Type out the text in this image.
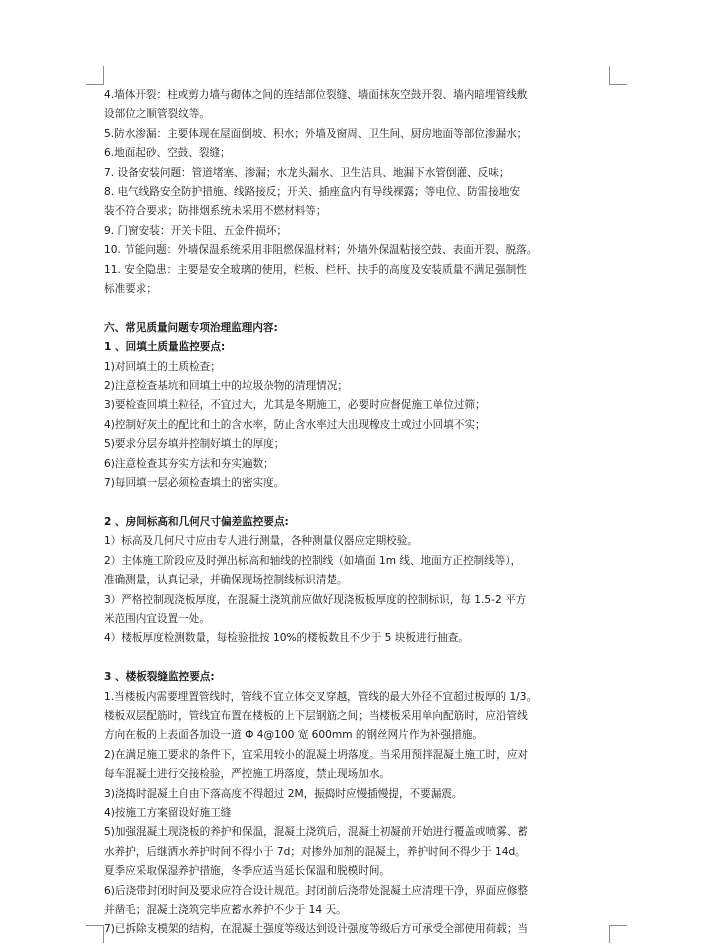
4.墙体开裂：柱或剪力墙与砌体之间的连结部位裂缝、墙面抹灰空鼓开裂、墙内暗埋管线敷
设部位之顺管裂纹等。
5.防水渗漏：主要体现在屋面倒坡、积水；外墙及窗周、卫生间、厨房地面等部位渗漏水；
6.地面起砂、空鼓、裂缝；
7. 设备安装问题：管道堵塞、渗漏；水龙头漏水、卫生洁具、地漏下水管倒灌、反味；
8. 电气线路安全防护措施、线路接反；开关、插座盒内有导线裸露；等电位、防雷接地安
装不符合要求；防排烟系统未采用不燃材料等；
9. 门窗安装：开关卡阻、五金件损坏；
10. 节能问题：外墙保温系统采用非阻燃保温材料；外墙外保温粘接空鼓、表面开裂、脱落。
11. 安全隐患：主要是安全玻璃的使用，栏板、栏杆、扶手的高度及安装质量不满足强制性
标准要求；
六、常见质量问题专项治理监理内容:
1 、回填土质量监控要点:
1)对回填土的土质检查；
2)注意检查基坑和回填土中的垃圾杂物的清理情况；
3)要检查回填土粒径，不宜过大，尤其是冬期施工，必要时应督促施工单位过筛；
4)控制好灰土的配比和土的含水率，防止含水率过大出现橡皮土或过小回填不实；
5)要求分层夯填并控制好填土的厚度；
6)注意检查其夯实方法和夯实遍数；
7)每回填一层必须检查填土的密实度。
2 、房间标高和几何尺寸偏差监控要点:
1）标高及几何尺寸应由专人进行测量，各种测量仪器应定期校验。
2）主体施工阶段应及时弹出标高和轴线的控制线（如墙面 1m 线、地面方正控制线等），
准确测量，认真记录，并确保现场控制线标识清楚。
3）严格控制现浇板厚度，在混凝土浇筑前应做好现浇板板厚度的控制标识，每 1.5-2 平方
米范围内宜设置一处。
4）楼板厚度检测数量，每检验批按 10%的楼板数且不少于 5 块板进行抽查。
3 、楼板裂缝监控要点:
1.当楼板内需要埋置管线时，管线不宜立体交叉穿越，管线的最大外径不宜超过板厚的 1/3。
楼板双层配筋时，管线宜布置在楼板的上下层钢筋之间；当楼板采用单向配筋时，应沿管线
方向在板的上表面各加设一道 Φ 4@100 宽 600mm 的钢丝网片作为补强措施。
2)在满足施工要求的条件下，宜采用较小的混凝土坍落度。当采用预拌混凝土施工时，应对
每车混凝土进行交接检验，严控施工坍落度，禁止现场加水。
3)浇捣时混凝土自由下落高度不得超过 2M，振捣时应慢插慢提，不要漏震。
4)按施工方案留设好施工缝
5)加强混凝土现浇板的养护和保温，混凝土浇筑后，混凝土初凝前开始进行覆盖或喷雾、蓄
水养护，后继洒水养护时间不得小于 7d；对掺外加剂的混凝土，养护时间不得少于 14d。
夏季应采取保湿养护措施，冬季应适当延长保温和脱模时间。
6)后浇带封闭时间及要求应符合设计规范。封闭前后浇带处混凝土应清理干净，界面应修整
并凿毛；混凝土浇筑完毕应蓄水养护不少于 14 天。
7)已拆除支模架的结构，在混凝土强度等级达到设计强度等级后方可承受全部使用荷载；当
